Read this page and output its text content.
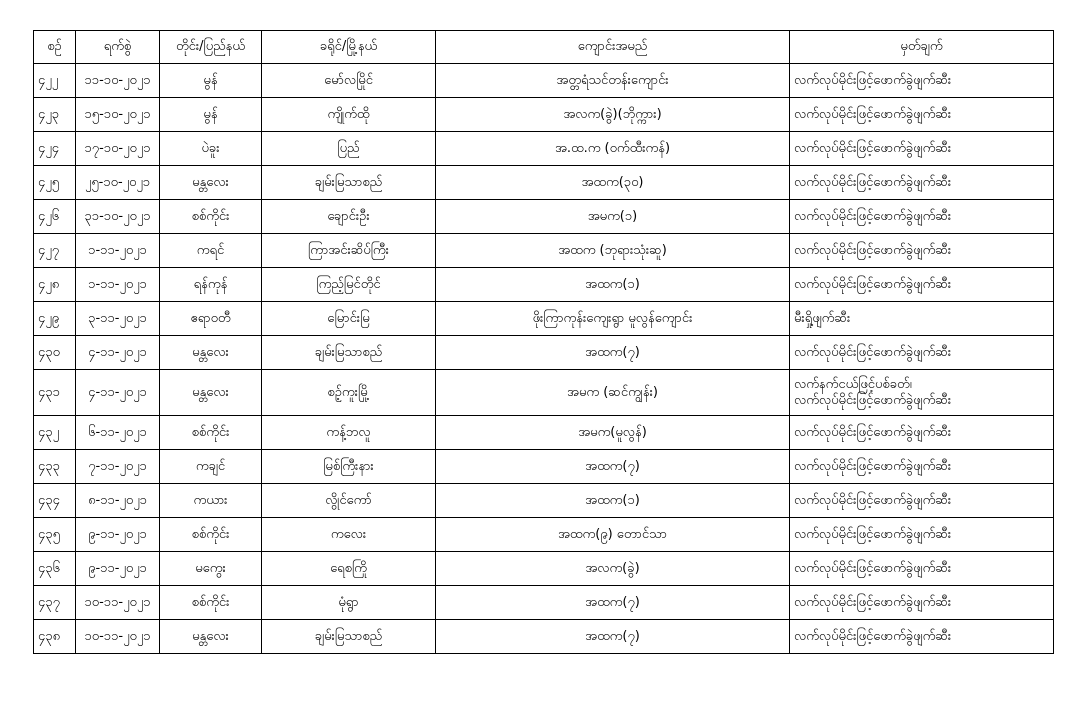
စဉ်	ရက်စွဲ	တိုင်း/ပြည်နယ်	ခရိုင်/မြို့နယ်	ကျောင်းအမည်	မှတ်ချက်
၄၂၂	၁၁-၁၀-၂၀၂၁	မွန်	မော်လမြိုင်	အတ္တရံသင်တန်းကျောင်း	လက်လုပ်မိုင်းဖြင့်ဖောက်ခွဲဖျက်ဆီး

၄၂၃	၁၅-၁၀-၂၀၂၁	မွန်	ကျိုက်ထို	အလက(ခွဲ)(ဘိုက္ကား)	လက်လုပ်မိုင်းဖြင့်ဖောက်ခွဲဖျက်ဆီး

၄၂၄	၁၇-၁၀-၂၀၂၁	ပဲခူး	ပြည်	အ.ထ.က (ဝက်ထီးကန်)	လက်လုပ်မိုင်းဖြင့်ဖောက်ခွဲဖျက်ဆီး

၄၂၅	၂၅-၁၀-၂၀၂၁	မန္တလေး	ချမ်းမြသာစည်	အထက(၃၀)	လက်လုပ်မိုင်းဖြင့်ဖောက်ခွဲဖျက်ဆီး

၄၂၆	၃၁-၁၀-၂၀၂၁	စစ်ကိုင်း	ချောင်းဦး	အမက(၁)	လက်လုပ်မိုင်းဖြင့်ဖောက်ခွဲဖျက်ဆီး

၄၂၇	၁-၁၁-၂၀၂၁	ကရင်	ကြာအင်းဆိပ်ကြီး	အထက (ဘုရားသုံးဆူ)	လက်လုပ်မိုင်းဖြင့်ဖောက်ခွဲဖျက်ဆီး

၄၂၈	၁-၁၁-၂၀၂၁	ရန်ကုန်	ကြည့်မြင်တိုင်	အထက(၁)	လက်လုပ်မိုင်းဖြင့်ဖောက်ခွဲဖျက်ဆီး

၄၂၉	၃-၁၁-၂၀၂၁	ဧရာဝတီ	မြောင်းမြ	ဖိုးကြာကုန်းကျေးရွာ မူလွန်ကျောင်း	မီးရှို့ဖျက်ဆီး

၄၃၀	၄-၁၁-၂၀၂၁	မန္တလေး	ချမ်းမြသာစည်	အထက(၇)	လက်လုပ်မိုင်းဖြင့်ဖောက်ခွဲဖျက်ဆီး

၄၃၁	၄-၁၁-၂၀၂၁	မန္တလေး	စဉ့်ကူးမြို့	အမက (ဆင်ကျွန်း)	လက်နက်ငယ်ဖြင့်ပစ်ခတ်၊
လက်လုပ်မိုင်းဖြင့်ဖောက်ခွဲဖျက်ဆီး

၄၃၂	၆-၁၁-၂၀၂၁	စစ်ကိုင်း	ကန့်ဘလူ	အမက(မူလွန်)	လက်လုပ်မိုင်းဖြင့်ဖောက်ခွဲဖျက်ဆီး

၄၃၃	၇-၁၁-၂၀၂၁	ကချင်	မြစ်ကြီးနား	အထက(၇)	လက်လုပ်မိုင်းဖြင့်ဖောက်ခွဲဖျက်ဆီး

၄၃၄	၈-၁၁-၂၀၂၁	ကယား	လွိုင်ကော်	အထက(၁)	လက်လုပ်မိုင်းဖြင့်ဖောက်ခွဲဖျက်ဆီး

၄၃၅	၉-၁၁-၂၀၂၁	စစ်ကိုင်း	ကလေး	အထက(၉) တောင်သာ	လက်လုပ်မိုင်းဖြင့်ဖောက်ခွဲဖျက်ဆီး

၄၃၆	၉-၁၁-၂၀၂၁	မကွေး	ရေစကြို	အလက(ခွဲ)	လက်လုပ်မိုင်းဖြင့်ဖောက်ခွဲဖျက်ဆီး

၄၃၇	၁၀-၁၁-၂၀၂၁	စစ်ကိုင်း	မုံရွာ	အထက(၇)	လက်လုပ်မိုင်းဖြင့်ဖောက်ခွဲဖျက်ဆီး

၄၃၈	၁၀-၁၁-၂၀၂၁	မန္တလေး	ချမ်းမြသာစည်	အထက(၇)	လက်လုပ်မိုင်းဖြင့်ဖောက်ခွဲဖျက်ဆီး
